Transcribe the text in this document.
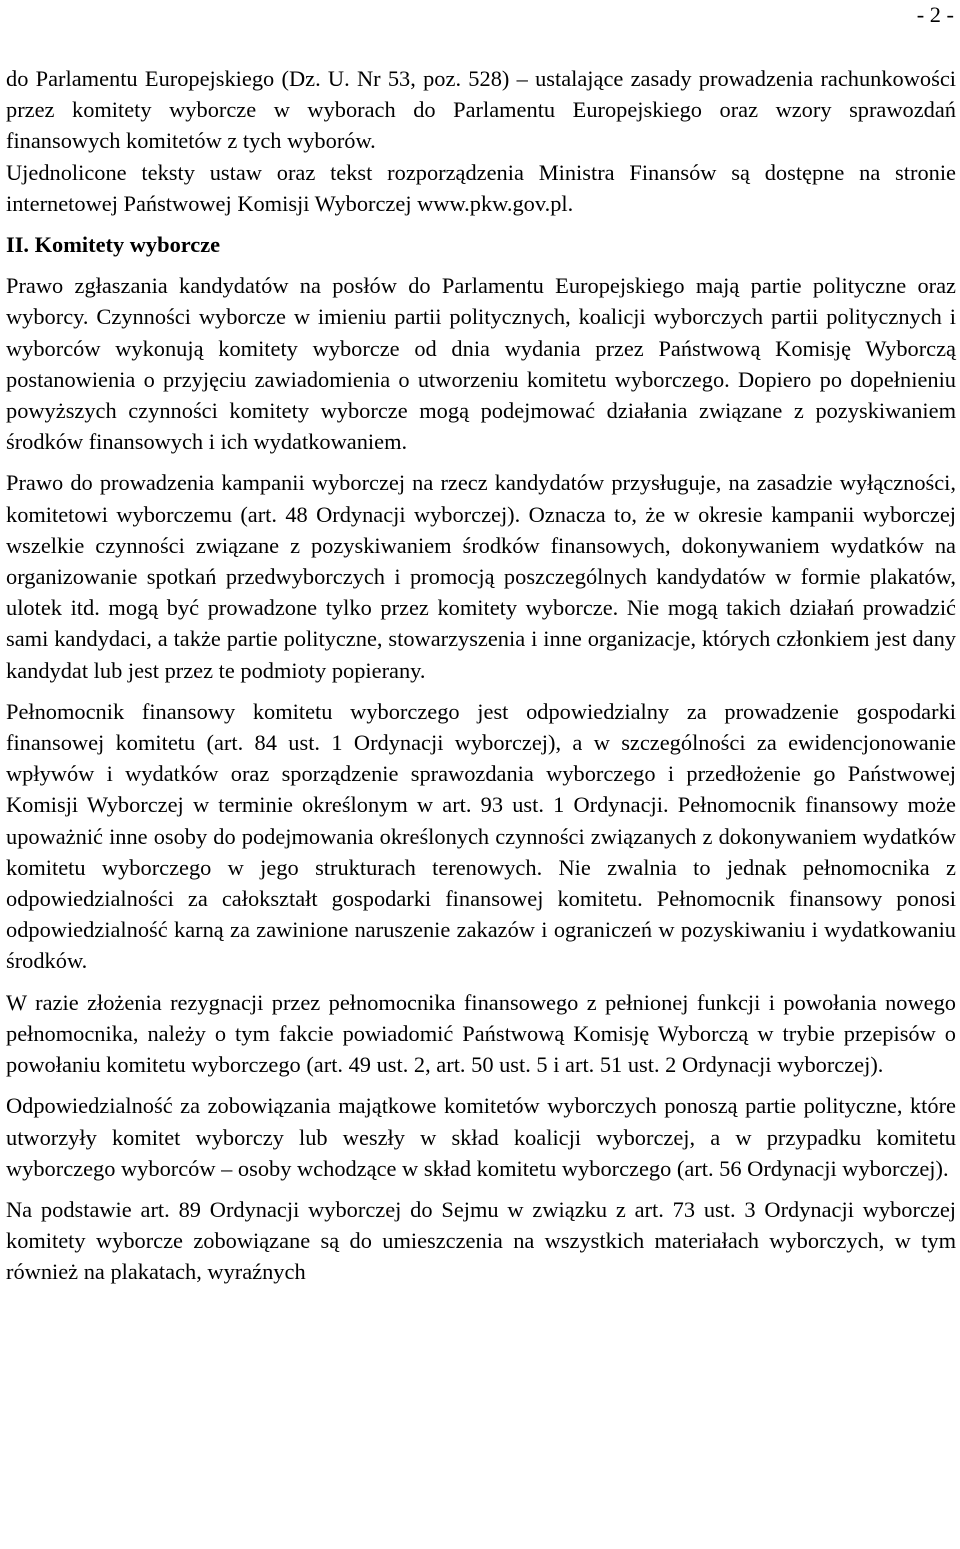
- 2 -

do Parlamentu Europejskiego (Dz. U. Nr 53, poz. 528) – ustalające zasady prowadzenia rachunkowości przez komitety wyborcze w wyborach do Parlamentu Europejskiego oraz wzory sprawozdań finansowych komitetów z tych wyborów.

Ujednolicone teksty ustaw oraz tekst rozporządzenia Ministra Finansów są dostępne na stronie internetowej Państwowej Komisji Wyborczej www.pkw.gov.pl.

II. Komitety wyborcze

Prawo zgłaszania kandydatów na posłów do Parlamentu Europejskiego mają partie polityczne oraz wyborcy. Czynności wyborcze w imieniu partii politycznych, koalicji wyborczych partii politycznych i wyborców wykonują komitety wyborcze od dnia wydania przez Państwową Komisję Wyborczą postanowienia o przyjęciu zawiadomienia o utworzeniu komitetu wyborczego. Dopiero po dopełnieniu powyższych czynności komitety wyborcze mogą podejmować działania związane z pozyskiwaniem środków finansowych i ich wydatkowaniem.

Prawo do prowadzenia kampanii wyborczej na rzecz kandydatów przysługuje, na zasadzie wyłączności, komitetowi wyborczemu (art. 48 Ordynacji wyborczej). Oznacza to, że w okresie kampanii wyborczej wszelkie czynności związane z pozyskiwaniem środków finansowych, dokonywaniem wydatków na organizowanie spotkań przedwyborczych i promocją poszczególnych kandydatów w formie plakatów, ulotek itd. mogą być prowadzone tylko przez komitety wyborcze. Nie mogą takich działań prowadzić sami kandydaci, a także partie polityczne, stowarzyszenia i inne organizacje, których członkiem jest dany kandydat lub jest przez te podmioty popierany.

Pełnomocnik finansowy komitetu wyborczego jest odpowiedzialny za prowadzenie gospodarki finansowej komitetu (art. 84 ust. 1 Ordynacji wyborczej), a w szczególności za ewidencjonowanie wpływów i wydatków oraz sporządzenie sprawozdania wyborczego i przedłożenie go Państwowej Komisji Wyborczej w terminie określonym w art. 93 ust. 1 Ordynacji. Pełnomocnik finansowy może upoważnić inne osoby do podejmowania określonych czynności związanych z dokonywaniem wydatków komitetu wyborczego w jego strukturach terenowych. Nie zwalnia to jednak pełnomocnika z odpowiedzialności za całokształt gospodarki finansowej komitetu. Pełnomocnik finansowy ponosi odpowiedzialność karną za zawinione naruszenie zakazów i ograniczeń w pozyskiwaniu i wydatkowaniu środków.

W razie złożenia rezygnacji przez pełnomocnika finansowego z pełnionej funkcji i powołania nowego pełnomocnika, należy o tym fakcie powiadomić Państwową Komisję Wyborczą w trybie przepisów o powołaniu komitetu wyborczego (art. 49 ust. 2, art. 50 ust. 5 i art. 51 ust. 2 Ordynacji wyborczej).

Odpowiedzialność za zobowiązania majątkowe komitetów wyborczych ponoszą partie polityczne, które utworzyły komitet wyborczy lub weszły w skład koalicji wyborczej, a w przypadku komitetu wyborczego wyborców – osoby wchodzące w skład komitetu wyborczego (art. 56 Ordynacji wyborczej).

Na podstawie art. 89 Ordynacji wyborczej do Sejmu w związku z art. 73 ust. 3 Ordynacji wyborczej komitety wyborcze zobowiązane są do umieszczenia na wszystkich materiałach wyborczych, w tym również na plakatach, wyraźnych
